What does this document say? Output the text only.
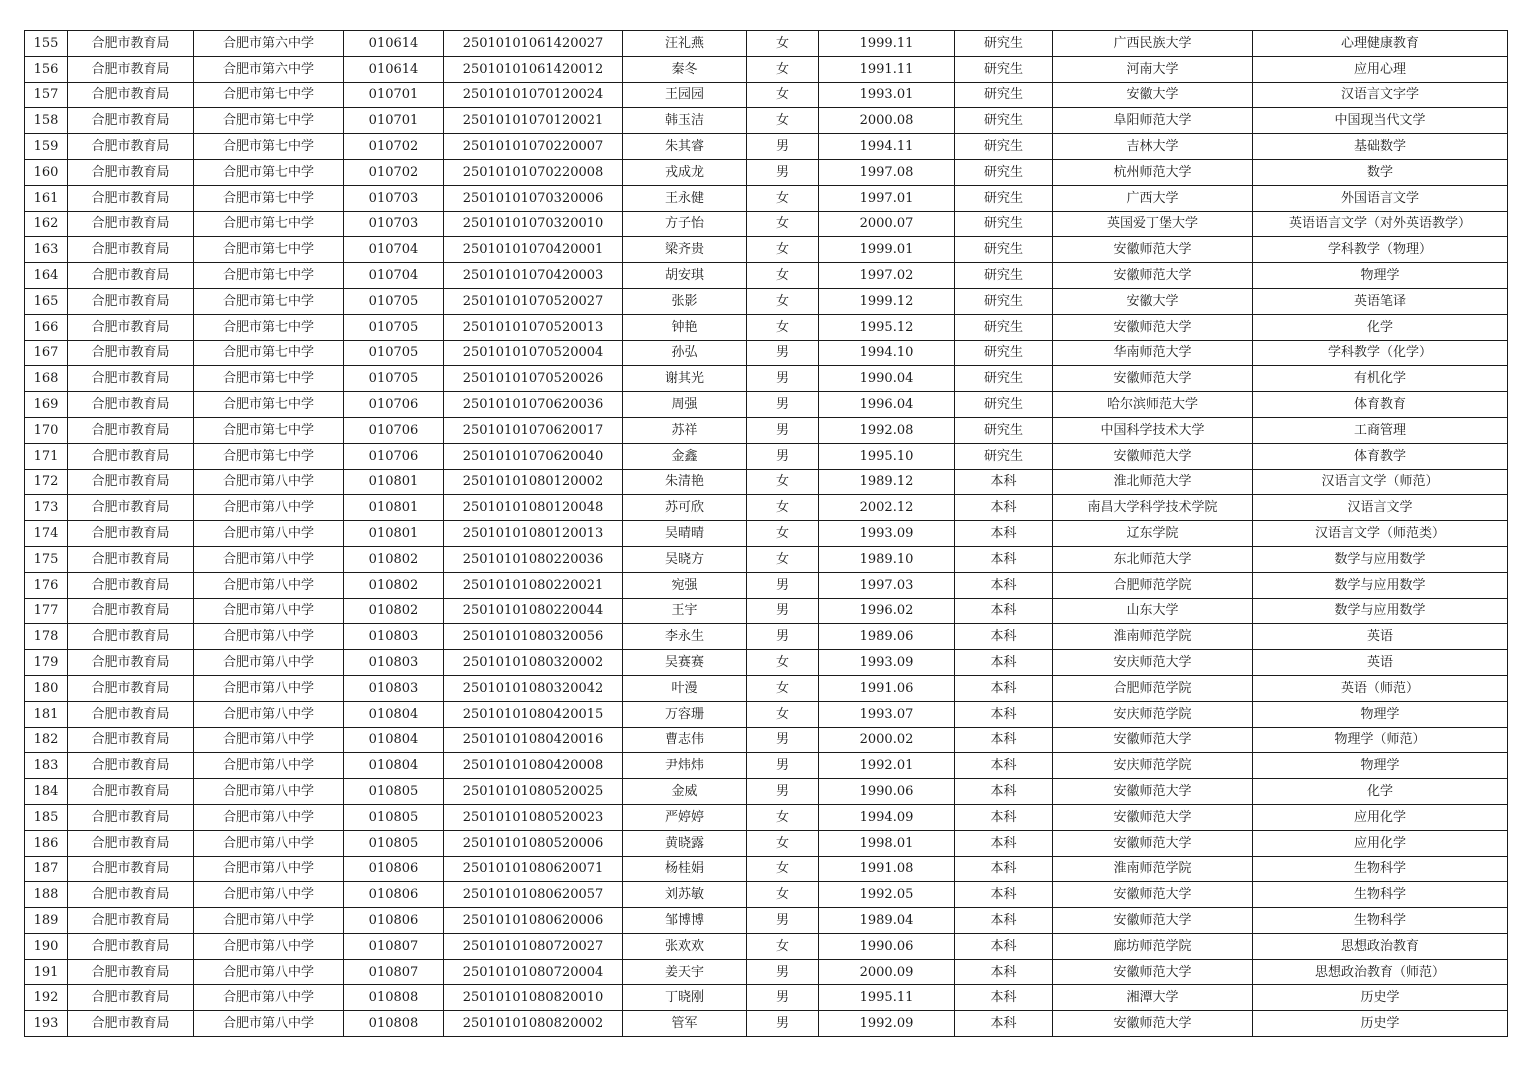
155	合肥市教育局	合肥市第六中学	010614	25010101061420027	汪礼燕	女	1999.11	研究生	广西民族大学	心理健康教育
156	合肥市教育局	合肥市第六中学	010614	25010101061420012	秦冬	女	1991.11	研究生	河南大学	应用心理
157	合肥市教育局	合肥市第七中学	010701	25010101070120024	王园园	女	1993.01	研究生	安徽大学	汉语言文字学
158	合肥市教育局	合肥市第七中学	010701	25010101070120021	韩玉洁	女	2000.08	研究生	阜阳师范大学	中国现当代文学
159	合肥市教育局	合肥市第七中学	010702	25010101070220007	朱其睿	男	1994.11	研究生	吉林大学	基础数学
160	合肥市教育局	合肥市第七中学	010702	25010101070220008	戎成龙	男	1997.08	研究生	杭州师范大学	数学
161	合肥市教育局	合肥市第七中学	010703	25010101070320006	王永健	女	1997.01	研究生	广西大学	外国语言文学
162	合肥市教育局	合肥市第七中学	010703	25010101070320010	方子怡	女	2000.07	研究生	英国爱丁堡大学	英语语言文学（对外英语教学）
163	合肥市教育局	合肥市第七中学	010704	25010101070420001	梁齐贵	女	1999.01	研究生	安徽师范大学	学科教学（物理）
164	合肥市教育局	合肥市第七中学	010704	25010101070420003	胡安琪	女	1997.02	研究生	安徽师范大学	物理学
165	合肥市教育局	合肥市第七中学	010705	25010101070520027	张影	女	1999.12	研究生	安徽大学	英语笔译
166	合肥市教育局	合肥市第七中学	010705	25010101070520013	钟艳	女	1995.12	研究生	安徽师范大学	化学
167	合肥市教育局	合肥市第七中学	010705	25010101070520004	孙弘	男	1994.10	研究生	华南师范大学	学科教学（化学）
168	合肥市教育局	合肥市第七中学	010705	25010101070520026	谢其光	男	1990.04	研究生	安徽师范大学	有机化学
169	合肥市教育局	合肥市第七中学	010706	25010101070620036	周强	男	1996.04	研究生	哈尔滨师范大学	体育教育
170	合肥市教育局	合肥市第七中学	010706	25010101070620017	苏祥	男	1992.08	研究生	中国科学技术大学	工商管理
171	合肥市教育局	合肥市第七中学	010706	25010101070620040	金鑫	男	1995.10	研究生	安徽师范大学	体育教学
172	合肥市教育局	合肥市第八中学	010801	25010101080120002	朱清艳	女	1989.12	本科	淮北师范大学	汉语言文学（师范）
173	合肥市教育局	合肥市第八中学	010801	25010101080120048	苏可欣	女	2002.12	本科	南昌大学科学技术学院	汉语言文学
174	合肥市教育局	合肥市第八中学	010801	25010101080120013	吴晴晴	女	1993.09	本科	辽东学院	汉语言文学（师范类）
175	合肥市教育局	合肥市第八中学	010802	25010101080220036	吴晓方	女	1989.10	本科	东北师范大学	数学与应用数学
176	合肥市教育局	合肥市第八中学	010802	25010101080220021	宛强	男	1997.03	本科	合肥师范学院	数学与应用数学
177	合肥市教育局	合肥市第八中学	010802	25010101080220044	王宇	男	1996.02	本科	山东大学	数学与应用数学
178	合肥市教育局	合肥市第八中学	010803	25010101080320056	李永生	男	1989.06	本科	淮南师范学院	英语
179	合肥市教育局	合肥市第八中学	010803	25010101080320002	吴赛赛	女	1993.09	本科	安庆师范大学	英语
180	合肥市教育局	合肥市第八中学	010803	25010101080320042	叶漫	女	1991.06	本科	合肥师范学院	英语（师范）
181	合肥市教育局	合肥市第八中学	010804	25010101080420015	万容珊	女	1993.07	本科	安庆师范学院	物理学
182	合肥市教育局	合肥市第八中学	010804	25010101080420016	曹志伟	男	2000.02	本科	安徽师范大学	物理学（师范）
183	合肥市教育局	合肥市第八中学	010804	25010101080420008	尹炜炜	男	1992.01	本科	安庆师范学院	物理学
184	合肥市教育局	合肥市第八中学	010805	25010101080520025	金威	男	1990.06	本科	安徽师范大学	化学
185	合肥市教育局	合肥市第八中学	010805	25010101080520023	严婷婷	女	1994.09	本科	安徽师范大学	应用化学
186	合肥市教育局	合肥市第八中学	010805	25010101080520006	黄晓露	女	1998.01	本科	安徽师范大学	应用化学
187	合肥市教育局	合肥市第八中学	010806	25010101080620071	杨桂娟	女	1991.08	本科	淮南师范学院	生物科学
188	合肥市教育局	合肥市第八中学	010806	25010101080620057	刘苏敏	女	1992.05	本科	安徽师范大学	生物科学
189	合肥市教育局	合肥市第八中学	010806	25010101080620006	邹博博	男	1989.04	本科	安徽师范大学	生物科学
190	合肥市教育局	合肥市第八中学	010807	25010101080720027	张欢欢	女	1990.06	本科	廊坊师范学院	思想政治教育
191	合肥市教育局	合肥市第八中学	010807	25010101080720004	姜天宇	男	2000.09	本科	安徽师范大学	思想政治教育（师范）
192	合肥市教育局	合肥市第八中学	010808	25010101080820010	丁晓刚	男	1995.11	本科	湘潭大学	历史学
193	合肥市教育局	合肥市第八中学	010808	25010101080820002	管军	男	1992.09	本科	安徽师范大学	历史学
